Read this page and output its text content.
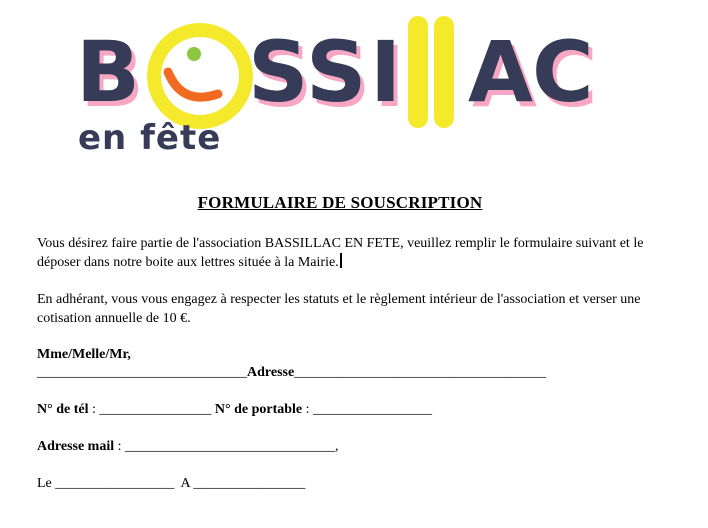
B S
S I A
C
en fête
FORMULAIRE DE SOUSCRIPTION
Vous désirez faire partie de l'association BASSILLAC EN FETE, veuillez remplir le formulaire suivant et le déposer dans notre boite aux lettres située à la Mairie.
En adhérant, vous vous engagez à respecter les statuts et le règlement intérieur de l'association et verser une cotisation annuelle de 10 €.
Mme/Melle/Mr,
______________________________Adresse____________________________________
N° de tél : ________________ N° de portable : _________________
Adresse mail : ______________________________,
Le _________________  A ________________
